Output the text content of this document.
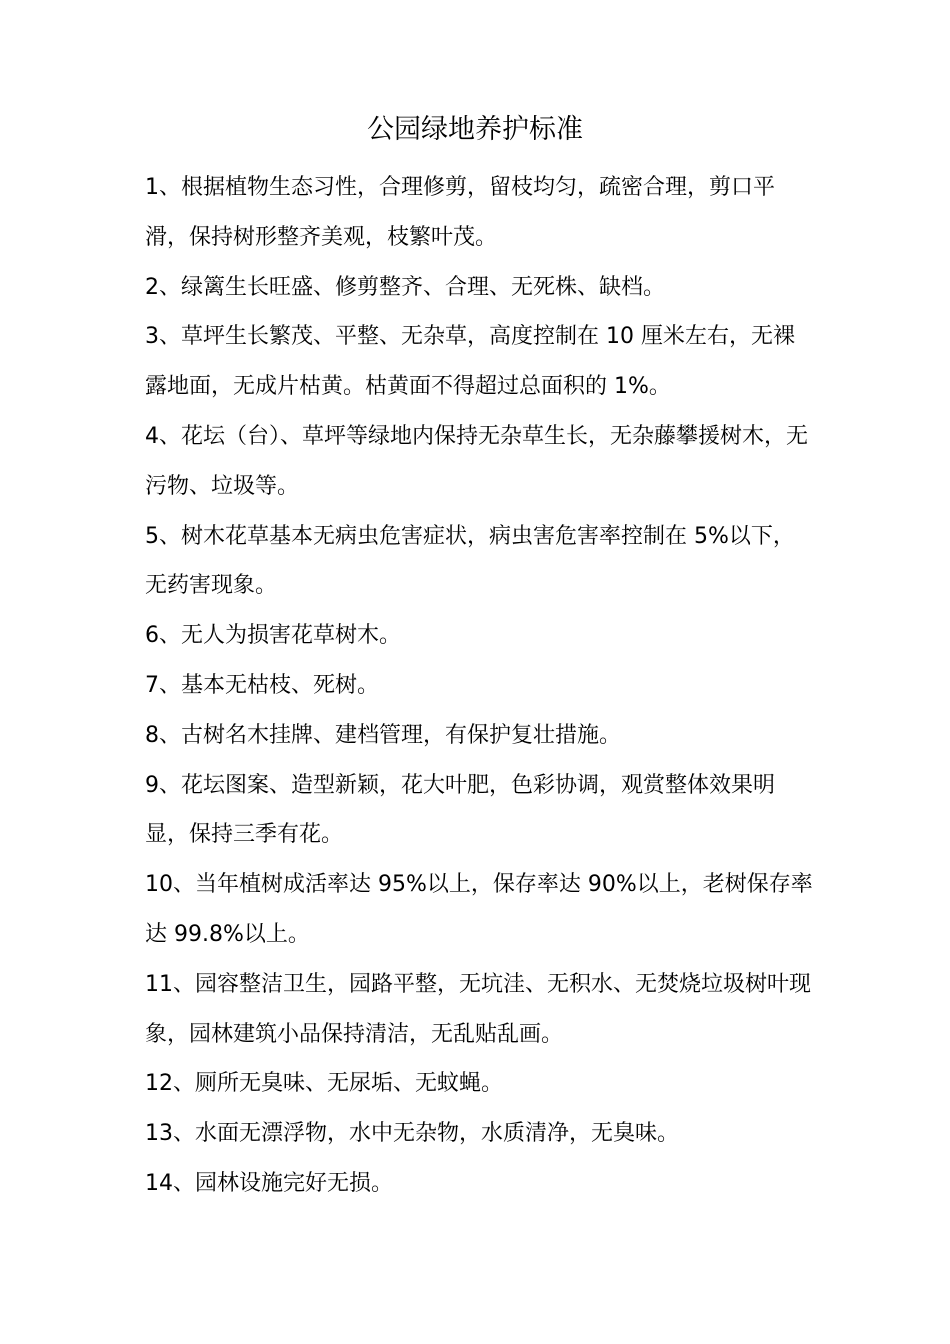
公园绿地养护标准

1、根据植物生态习性，合理修剪，留枝均匀，疏密合理，剪口平滑，保持树形整齐美观，枝繁叶茂。

2、绿篱生长旺盛、修剪整齐、合理、无死株、缺档。

3、草坪生长繁茂、平整、无杂草，高度控制在 10 厘米左右，无裸露地面，无成片枯黄。枯黄面不得超过总面积的 1%。

4、花坛（台）、草坪等绿地内保持无杂草生长，无杂藤攀援树木，无污物、垃圾等。

5、树木花草基本无病虫危害症状，病虫害危害率控制在 5%以下，无药害现象。

6、无人为损害花草树木。

7、基本无枯枝、死树。

8、古树名木挂牌、建档管理，有保护复壮措施。

9、花坛图案、造型新颖，花大叶肥，色彩协调，观赏整体效果明显，保持三季有花。

10、当年植树成活率达 95%以上，保存率达 90%以上，老树保存率达 99.8%以上。

11、园容整洁卫生，园路平整，无坑洼、无积水、无焚烧垃圾树叶现象，园林建筑小品保持清洁，无乱贴乱画。

12、厕所无臭味、无尿垢、无蚊蝇。

13、水面无漂浮物，水中无杂物，水质清净，无臭味。

14、园林设施完好无损。
